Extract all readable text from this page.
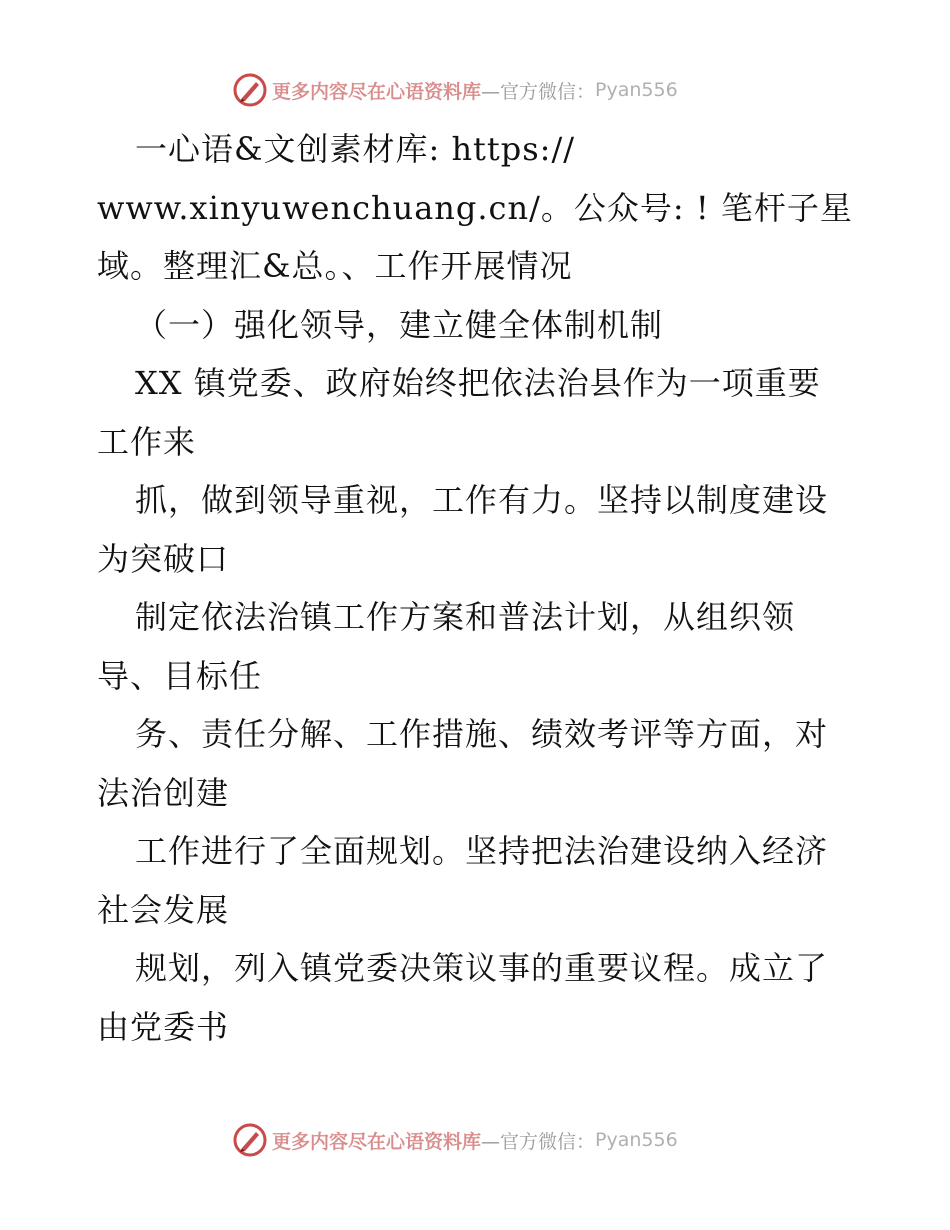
更多内容尽在心语资料库 —官方微信： Pyan556
一心语&文创素材库: https://
www.xinyuwenchuang.cn/。公众号: ! 笔杆子星
域。整理汇&总。、工作开展情况
（一）强化领导，建立健全体制机制
XX 镇党委、政府始终把依法治县作为一项重要
工作来
抓，做到领导重视，工作有力。坚持以制度建设
为突破口
制定依法治镇工作方案和普法计划，从组织领
导、目标任
务、责任分解、工作措施、绩效考评等方面，对
法治创建
工作进行了全面规划。坚持把法治建设纳入经济
社会发展
规划，列入镇党委决策议事的重要议程。成立了
由党委书
更多内容尽在心语资料库 —官方微信： Pyan556
